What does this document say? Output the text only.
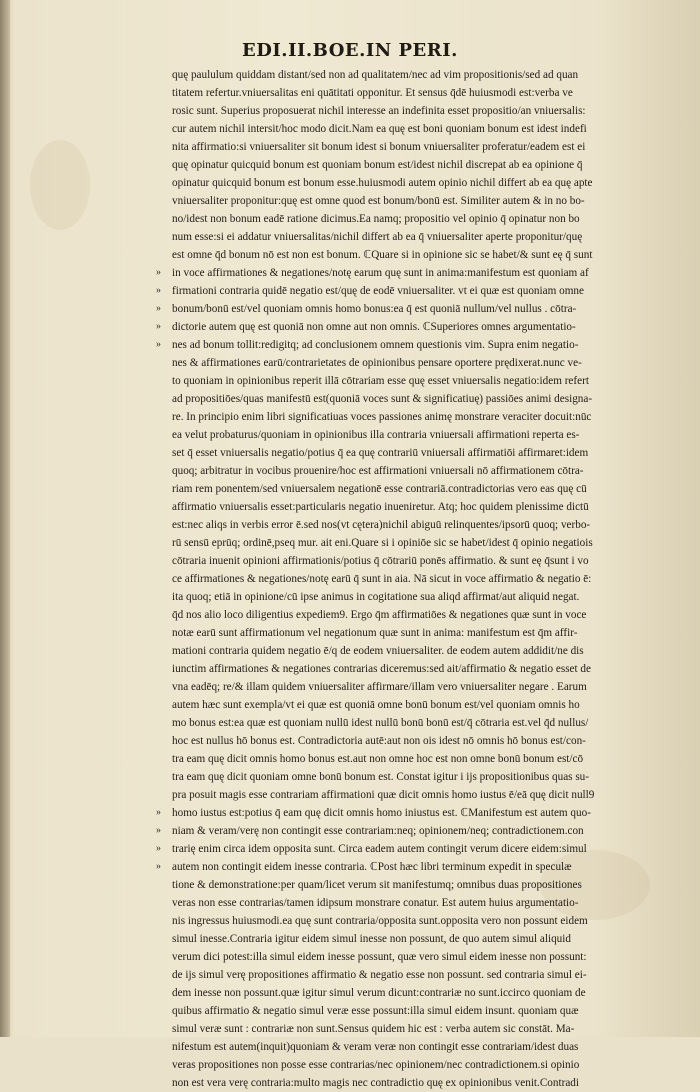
EDI.II.BOE.IN PERI.
quę paululum quiddam distant/sed non ad qualitatem/nec ad vim propositionis/sed ad quan
titatem refertur.vniuersalitas eni quātitati opponitur. Et sensus q̄dē huiusmodi est:verba ve
rosic sunt. Superius proposuerat nichil interesse an indefinita esset propositio/an vniuersalis:
cur autem nichil intersit/hoc modo dicit.Nam ea quę est boni quoniam bonum est idest indefi
nita affirmatio:si vniuersaliter sit bonum idest si bonum vniuersaliter proferatur/eadem est ei
quę opinatur quicquid bonum est quoniam bonum est/idest nichil discrepat ab ea opinione q̄
opinatur quicquid bonum est bonum esse.huiusmodi autem opinio nichil differt ab ea quę apte
vniuersaliter proponitur:quę est omne quod est bonum/bonū est. Similiter autem & in no bo-
no/idest non bonum eadē ratione dicimus.Ea namq; propositio vel opinio q̄ opinatur non bo
num esse:si ei addatur vniuersalitas/nichil differt ab ea q̄ vniuersaliter aperte proponitur/quę
est omne q̄d bonum nō est non est bonum. ℂQuare si in opinione sic se habet/& sunt eę q̄ sunt
» in voce affirmationes & negationes/notę earum quę sunt in anima:manifestum est quoniam af
» firmationi contraria quidē negatio est/quę de eodē vniuersaliter. vt ei quæ est quoniam omne
» bonum/bonū est/vel quoniam omnis homo bonus:ea q̄ est quoniā nullum/vel nullus . cōtra-
» dictorie autem quę est quoniā non omne aut non omnis. ℂSuperiores omnes argumentatio-
» nes ad bonum tollit:redigitq; ad conclusionem omnem questionis vim. Supra enim negatio-
nes & affirmationes earū/contrarietates de opinionibus pensare oportere prędixerat.nunc ve-
to quoniam in opinionibus reperit illā cōtrariam esse quę esset vniuersalis negatio:idem refert
ad propositiōes/quas manifestū est(quoniā voces sunt & significatiuę) passiōes animi designa-
re. In principio enim libri significatiuas voces passiones animę monstrare veraciter docuit:nūc
ea velut probaturus/quoniam in opinionibus illa contraria vniuersali affirmationi reperta es-
set q̄ esset vniuersalis negatio/potius q̄ ea quę contrariū vniuersali affirmatiōi affirmaret:idem
quoq; arbitratur in vocibus prouenire/hoc est affirmationi vniuersali nō affirmationem cōtra-
riam rem ponentem/sed vniuersalem negationē esse contrariā.contradictorias vero eas quę cū
affirmatio vniuersalis esset:particularis negatio inueniretur. Atq; hoc quidem plenissime dictū
est:nec aliqs in verbis error ē.sed nos(vt cętera)nichil abiguū relinquentes/ipsorū quoq; verbo-
rū sensū eprūq; ordinē,pseq mur. ait eni.Quare si i opiniōe sic se habet/idest q̄ opinio negatiois
cōtraria inuenit opinioni affirmationis/potius q̄ cōtrariū ponēs affirmatio. & sunt eę q̄sunt i vo
ce affirmationes & negationes/notę earū q̄ sunt in aia. Nā sicut in voce affirmatio & negatio ē:
ita quoq; etiā in opinione/cū ipse animus in cogitatione sua aliqd affirmat/aut aliquid negat.
q̄d nos alio loco diligentius expediem9. Ergo q̄m affirmatiōes & negationes quæ sunt in voce
notæ earū sunt affirmationum vel negationum quæ sunt in anima: manifestum est q̄m affir-
mationi contraria quidem negatio ē/q de eodem vniuersaliter. de eodem autem addidit/ne dis
iunctim affirmationes & negationes contrarias diceremus:sed ait/affirmatio & negatio esset de
vna eadēq; re/& illam quidem vniuersaliter affirmare/illam vero vniuersaliter negare . Earum
autem hæc sunt exempla/vt ei quæ est quoniā omne bonū bonum est/vel quoniam omnis ho
mo bonus est:ea quæ est quoniam nullū idest nullū bonū bonū est/q̄ cōtraria est.vel q̄d nullus/
hoc est nullus hō bonus est. Contradictoria autē:aut non ois idest nō omnis hō bonus est/con-
tra eam quę dicit omnis homo bonus est.aut non omne hoc est non omne bonū bonum est/cō
tra eam quę dicit quoniam omne bonū bonum est. Constat igitur i ijs propositionibus quas su-
pra posuit magis esse contrariam affirmationi quæ dicit omnis homo iustus ē/eā quę dicit null9
» homo iustus est:potius q̄ eam quę dicit omnis homo iniustus est. ℂManifestum est autem quo-
» niam & veram/verę non contingit esse contrariam:neq; opinionem/neq; contradictionem.con
» trarię enim circa idem opposita sunt. Circa eadem autem contingit verum dicere eidem:simul
» autem non contingit eidem inesse contraria. ℂPost hæc libri terminum expedit in speculæ
tione & demonstratione:per quam/licet verum sit manifestumq; omnibus duas propositiones
veras non esse contrarias/tamen idipsum monstrare conatur. Est autem huius argumentatio-
nis ingressus huiusmodi.ea quę sunt contraria/opposita sunt.opposita vero non possunt eidem
simul inesse.Contraria igitur eidem simul inesse non possunt, de quo autem simul aliquid
verum dici potest:illa simul eidem inesse possunt, quæ vero simul eidem inesse non possunt:
de ijs simul verę propositiones affirmatio & negatio esse non possunt. sed contraria simul ei-
dem inesse non possunt.quæ igitur simul verum dicunt:contrariæ no sunt.iccirco quoniam de
quibus affirmatio & negatio simul veræ esse possunt:illa simul eidem insunt. quoniam quæ
simul veræ sunt : contrariæ non sunt.Sensus quidem hic est : verba autem sic constāt. Ma-
nifestum est autem(inquit)quoniam & veram veræ non contingit esse contrariam/idest duas
veras propositiones non posse esse contrarias/nec opinionem/nec contradictionem.si opinio
non est vera verę contraria:multo magis nec contradictio quę ex opinionibus venit.Contradi
